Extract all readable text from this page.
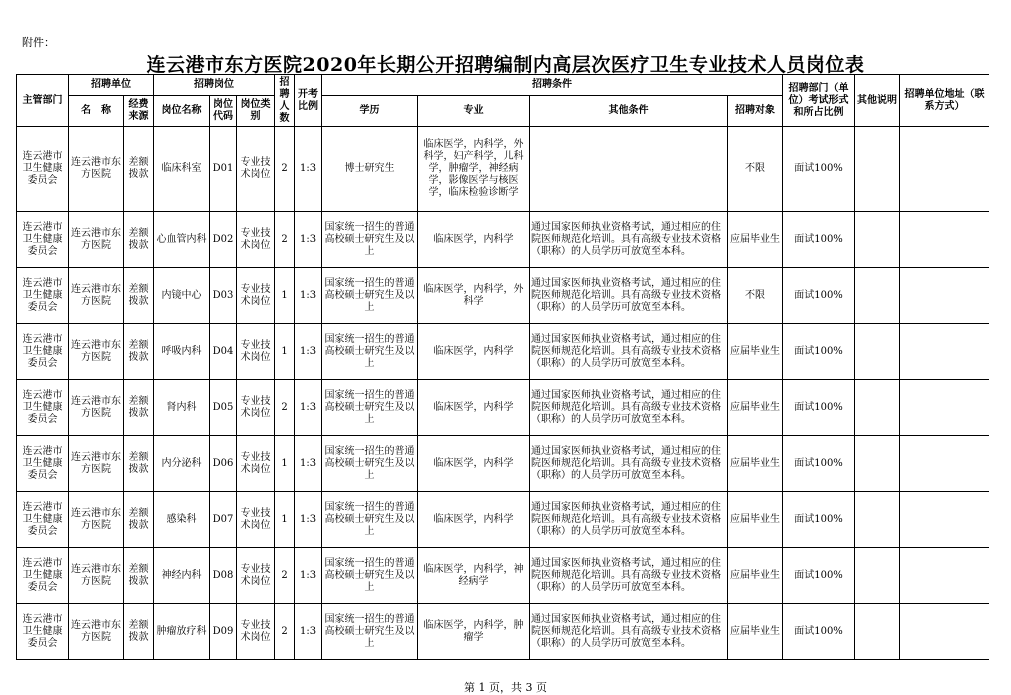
附件：
连云港市东方医院2020年长期公开招聘编制内高层次医疗卫生专业技术人员岗位表
主管部门	招聘单位		招聘岗位			招聘人数	开考比例	招聘条件				招聘部门（单位）考试形式和所占比例	其他说明	招聘单位地址（联系方式）
	名　称	经费来源	岗位名称	岗位代码	岗位类别			学历	专业	其他条件	招聘对象			
连云港市卫生健康委员会	连云港市东方医院	差额拨款	临床科室	D01	专业技术岗位	2	1:3	博士研究生	临床医学，内科学，外科学，妇产科学，儿科学，肿瘤学，神经病学，影像医学与核医学，临床检验诊断学		不限	面试100%		
连云港市卫生健康委员会	连云港市东方医院	差额拨款	心血管内科	D02	专业技术岗位	2	1:3	国家统一招生的普通高校硕士研究生及以上	临床医学，内科学	通过国家医师执业资格考试，通过相应的住院医师规范化培训。具有高级专业技术资格（职称）的人员学历可放宽至本科。	应届毕业生	面试100%		
连云港市卫生健康委员会	连云港市东方医院	差额拨款	内镜中心	D03	专业技术岗位	1	1:3	国家统一招生的普通高校硕士研究生及以上	临床医学，内科学，外科学	通过国家医师执业资格考试，通过相应的住院医师规范化培训。具有高级专业技术资格（职称）的人员学历可放宽至本科。	不限	面试100%		
连云港市卫生健康委员会	连云港市东方医院	差额拨款	呼吸内科	D04	专业技术岗位	1	1:3	国家统一招生的普通高校硕士研究生及以上	临床医学，内科学	通过国家医师执业资格考试，通过相应的住院医师规范化培训。具有高级专业技术资格（职称）的人员学历可放宽至本科。	应届毕业生	面试100%		
连云港市卫生健康委员会	连云港市东方医院	差额拨款	肾内科	D05	专业技术岗位	2	1:3	国家统一招生的普通高校硕士研究生及以上	临床医学，内科学	通过国家医师执业资格考试，通过相应的住院医师规范化培训。具有高级专业技术资格（职称）的人员学历可放宽至本科。	应届毕业生	面试100%		
连云港市卫生健康委员会	连云港市东方医院	差额拨款	内分泌科	D06	专业技术岗位	1	1:3	国家统一招生的普通高校硕士研究生及以上	临床医学，内科学	通过国家医师执业资格考试，通过相应的住院医师规范化培训。具有高级专业技术资格（职称）的人员学历可放宽至本科。	应届毕业生	面试100%		
连云港市卫生健康委员会	连云港市东方医院	差额拨款	感染科	D07	专业技术岗位	1	1:3	国家统一招生的普通高校硕士研究生及以上	临床医学，内科学	通过国家医师执业资格考试，通过相应的住院医师规范化培训。具有高级专业技术资格（职称）的人员学历可放宽至本科。	应届毕业生	面试100%		
连云港市卫生健康委员会	连云港市东方医院	差额拨款	神经内科	D08	专业技术岗位	2	1:3	国家统一招生的普通高校硕士研究生及以上	临床医学，内科学，神经病学	通过国家医师执业资格考试，通过相应的住院医师规范化培训。具有高级专业技术资格（职称）的人员学历可放宽至本科。	应届毕业生	面试100%		
连云港市卫生健康委员会	连云港市东方医院	差额拨款	肿瘤放疗科	D09	专业技术岗位	2	1:3	国家统一招生的普通高校硕士研究生及以上	临床医学，内科学，肿瘤学	通过国家医师执业资格考试，通过相应的住院医师规范化培训。具有高级专业技术资格（职称）的人员学历可放宽至本科。	应届毕业生	面试100%		
第 1 页，共 3 页
